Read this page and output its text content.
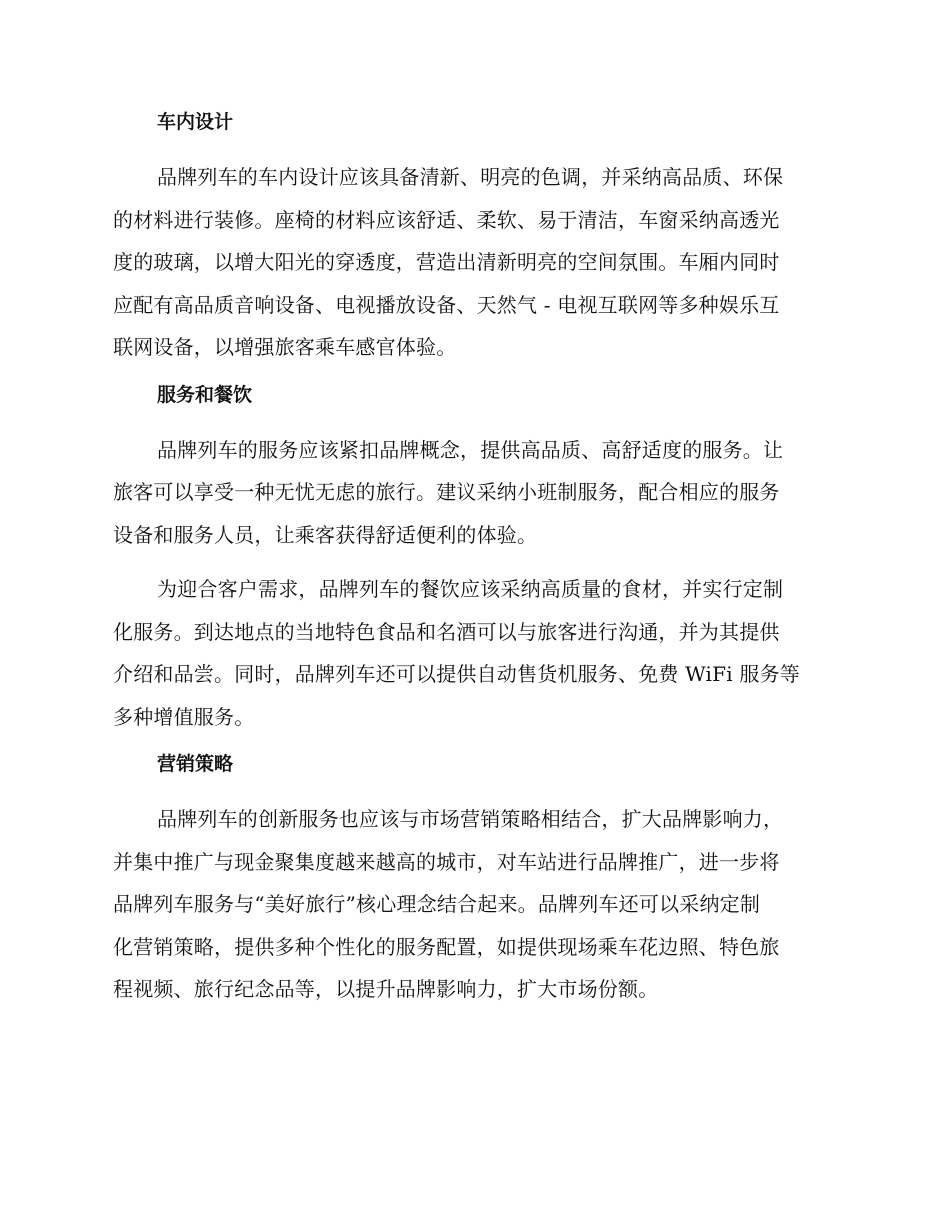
车内设计
品牌列车的车内设计应该具备清新、明亮的色调，并采纳高品质、环保
的材料进行装修。座椅的材料应该舒适、柔软、易于清洁，车窗采纳高透光
度的玻璃，以增大阳光的穿透度，营造出清新明亮的空间氛围。车厢内同时
应配有高品质音响设备、电视播放设备、天然气 - 电视互联网等多种娱乐互
联网设备，以增强旅客乘车感官体验。
服务和餐饮
品牌列车的服务应该紧扣品牌概念，提供高品质、高舒适度的服务。让
旅客可以享受一种无忧无虑的旅行。建议采纳小班制服务，配合相应的服务
设备和服务人员，让乘客获得舒适便利的体验。
为迎合客户需求，品牌列车的餐饮应该采纳高质量的食材，并实行定制
化服务。到达地点的当地特色食品和名酒可以与旅客进行沟通，并为其提供
介绍和品尝。同时，品牌列车还可以提供自动售货机服务、免费 WiFi 服务等
多种增值服务。
营销策略
品牌列车的创新服务也应该与市场营销策略相结合，扩大品牌影响力，
并集中推广与现金聚集度越来越高的城市，对车站进行品牌推广，进一步将
品牌列车服务与“美好旅行”核心理念结合起来。品牌列车还可以采纳定制
化营销策略，提供多种个性化的服务配置，如提供现场乘车花边照、特色旅
程视频、旅行纪念品等，以提升品牌影响力，扩大市场份额。
